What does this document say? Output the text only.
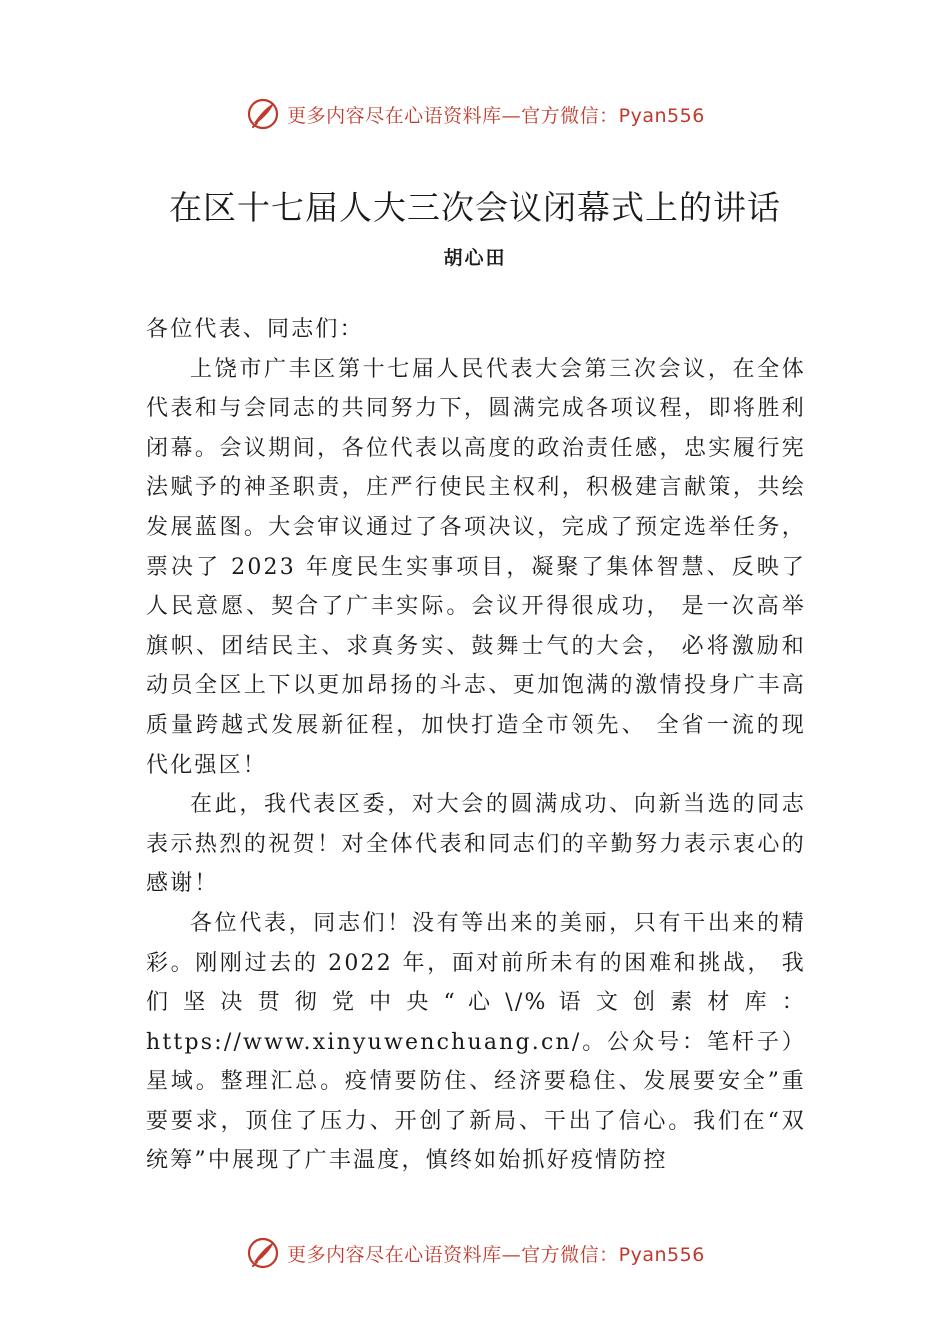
更多内容尽在心语资料库—官方微信：Pyan556
在区十七届人大三次会议闭幕式上的讲话
胡心田

各位代表、同志们：

上饶市广丰区第十七届人民代表大会第三次会议，在全体代表和与会同志的共同努力下，圆满完成各项议程，即将胜利闭幕。会议期间，各位代表以高度的政治责任感，忠实履行宪法赋予的神圣职责，庄严行使民主权利，积极建言献策，共绘发展蓝图。大会审议通过了各项决议，完成了预定选举任务，票决了 2023 年度民生实事项目，凝聚了集体智慧、反映了人民意愿、契合了广丰实际。会议开得很成功， 是一次高举旗帜、团结民主、求真务实、鼓舞士气的大会， 必将激励和动员全区上下以更加昂扬的斗志、更加饱满的激情投身广丰高质量跨越式发展新征程，加快打造全市领先、 全省一流的现代化强区！

在此，我代表区委，对大会的圆满成功、向新当选的同志表示热烈的祝贺！对全体代表和同志们的辛勤努力表示衷心的感谢！

各位代表，同志们！没有等出来的美丽，只有干出来的精彩。刚刚过去的 2022 年，面对前所未有的困难和挑战， 我 们 坚 决 贯 彻 党 中 央 “ 心 \/% 语 文 创 素 材 库 ： https://www.xinyuwenchuang.cn/。公众号：笔杆子）星域。整理汇总。疫情要防住、经济要稳住、发展要安全”重要要求，顶住了压力、开创了新局、干出了信心。我们在“双统筹”中展现了广丰温度，慎终如始抓好疫情防控

更多内容尽在心语资料库—官方微信：Pyan556
